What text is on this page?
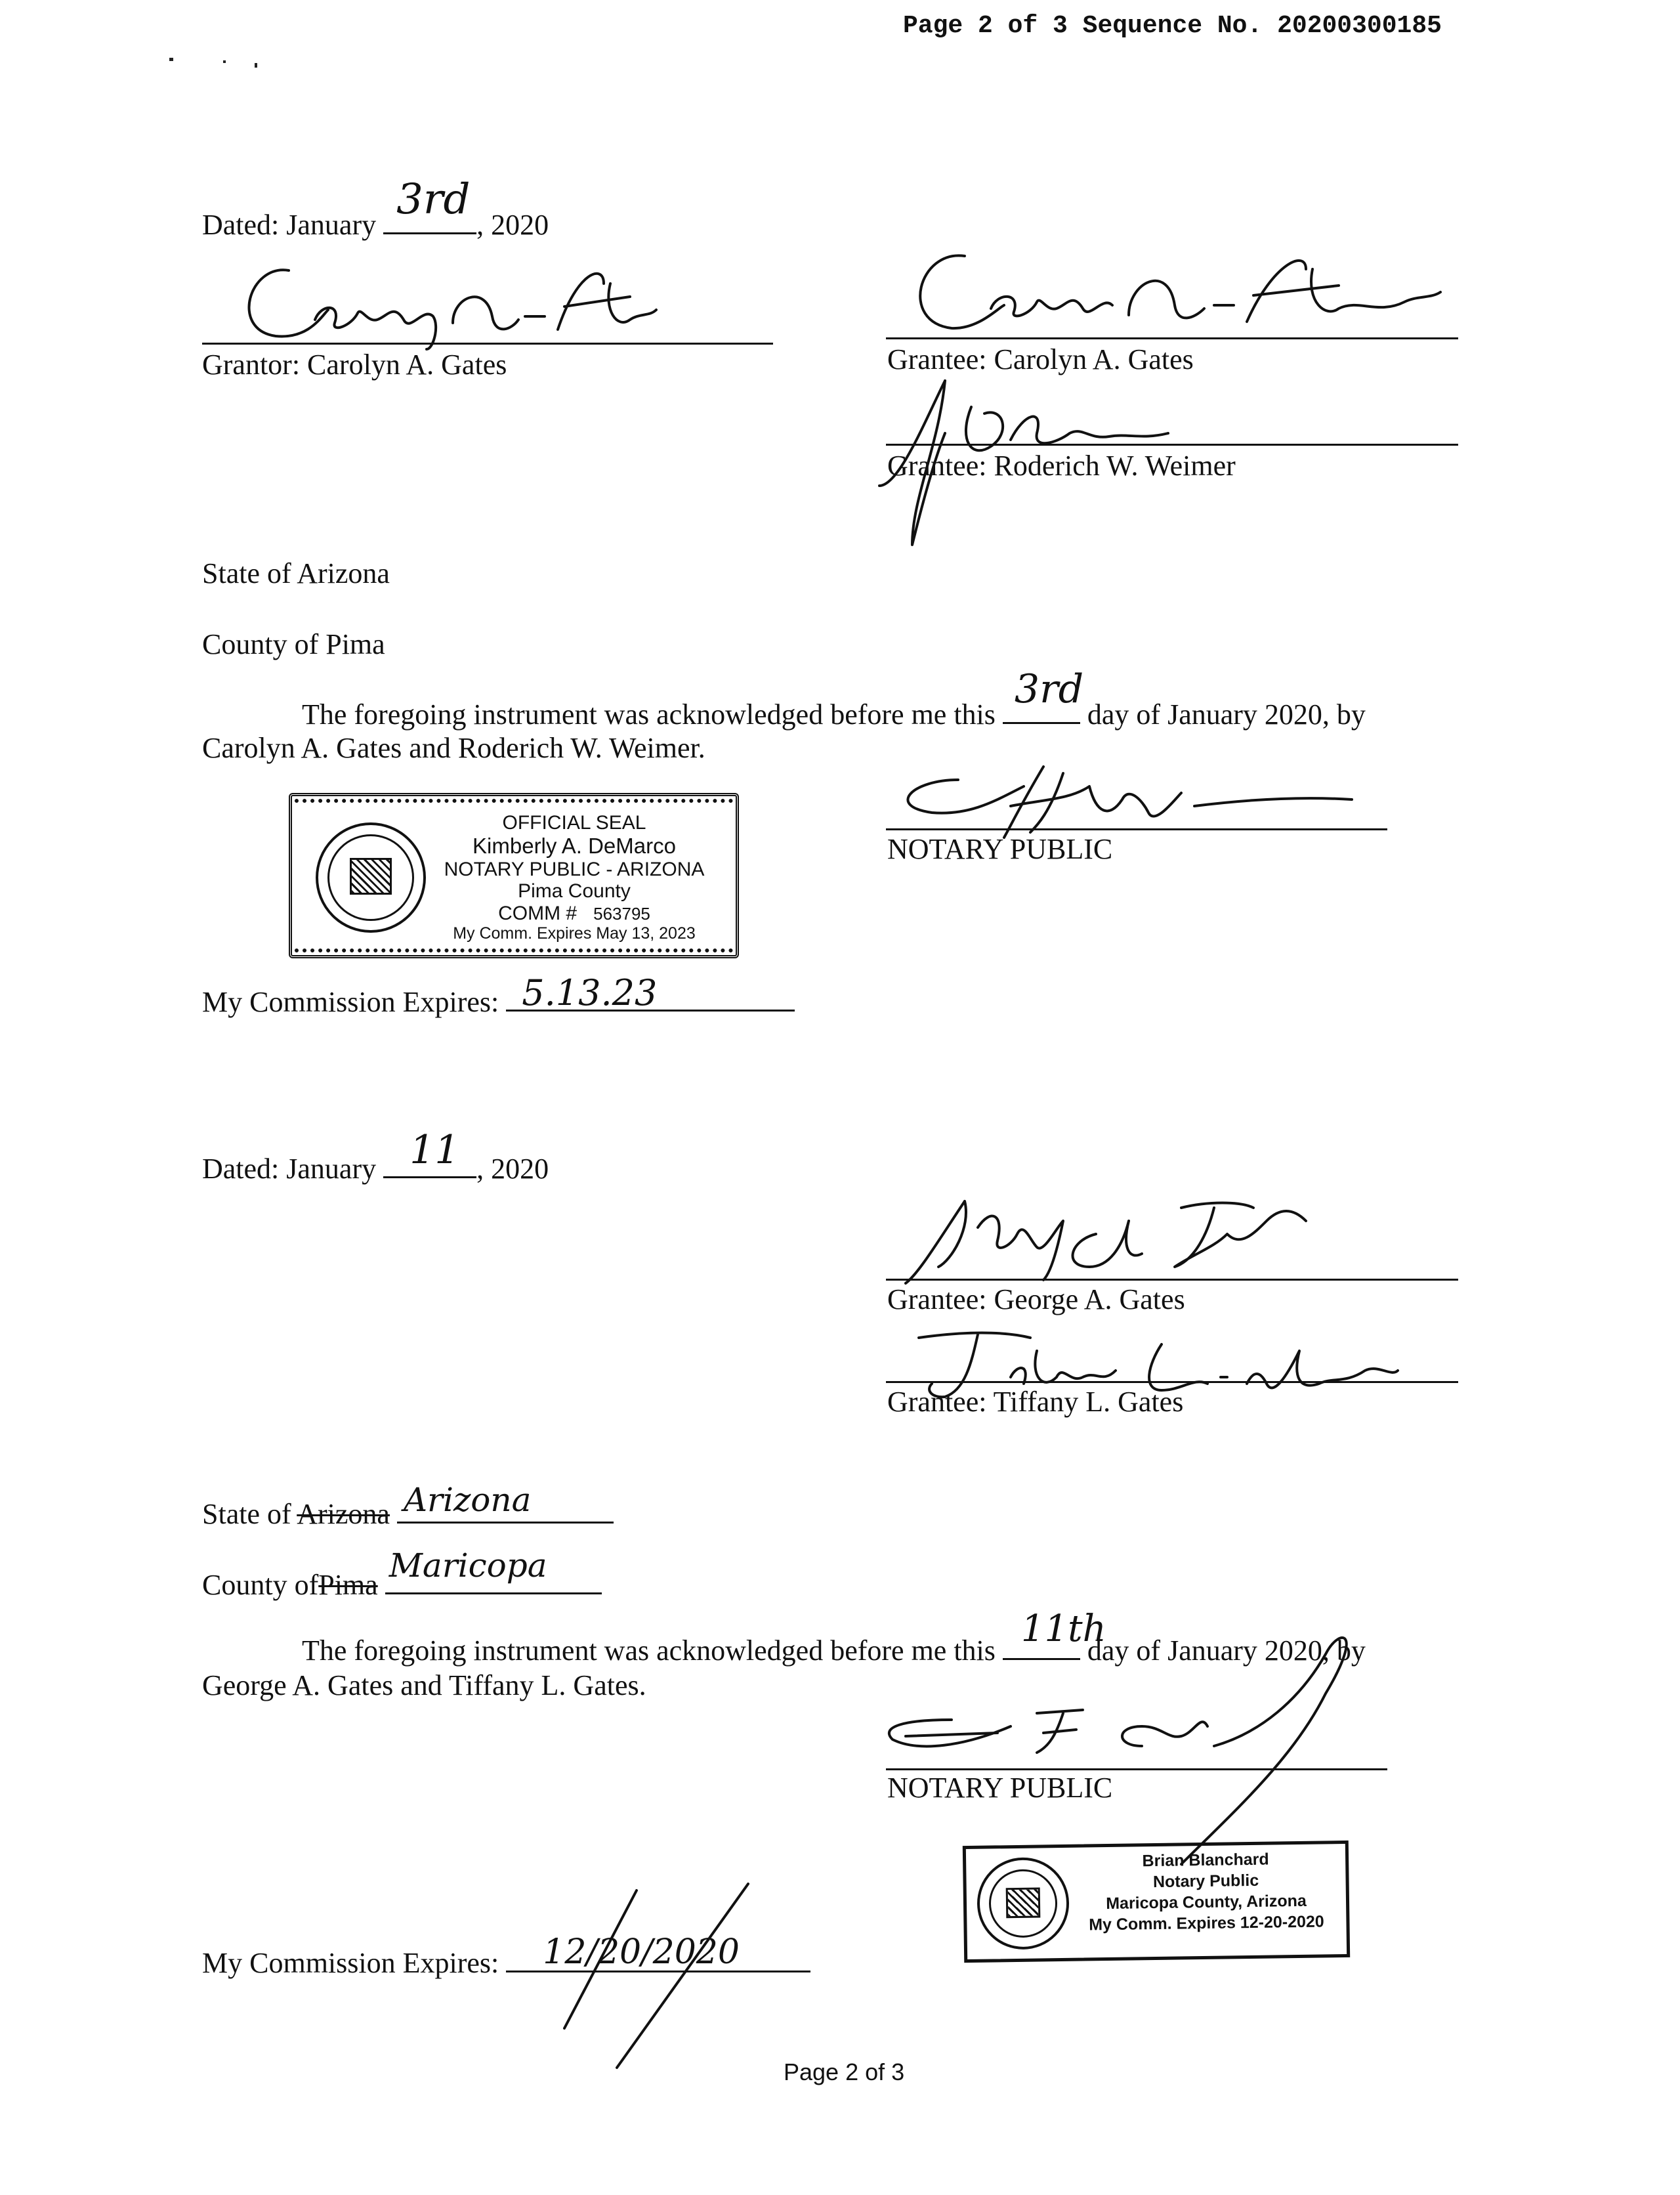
Page 2 of 3 Sequence No. 20200300185
Dated: January
3rd
, 2020
Grantor: Carolyn A. Gates	Grantee: Carolyn A. Gates
Grantee: Roderich W. Weimer
State of Arizona
County of Pima
The foregoing instrument was acknowledged before me this
3rd
day of January 2020, by
Carolyn A. Gates and Roderich W. Weimer.
NOTARY PUBLIC
OFFICIAL SEAL
Kimberly A. DeMarco
NOTARY PUBLIC - ARIZONA
Pima County
COMM # 563795
My Comm. Expires May 13, 2023
My Commission Expires: 5.13.23
Dated: January 11 , 2020
Grantee: George A. Gates
Grantee: Tiffany L. Gates
State of Arizona Arizona
County ofPima
Maricopa
The foregoing instrument was acknowledged before me this
11th
day of January 2020, by
George A. Gates and Tiffany L. Gates.
NOTARY PUBLIC
Brian Blanchard
Notary Public
Maricopa County, Arizona
My Comm. Expires 12-20-2020
My Commission Expires: 12/20/2020
Page 2 of 3
